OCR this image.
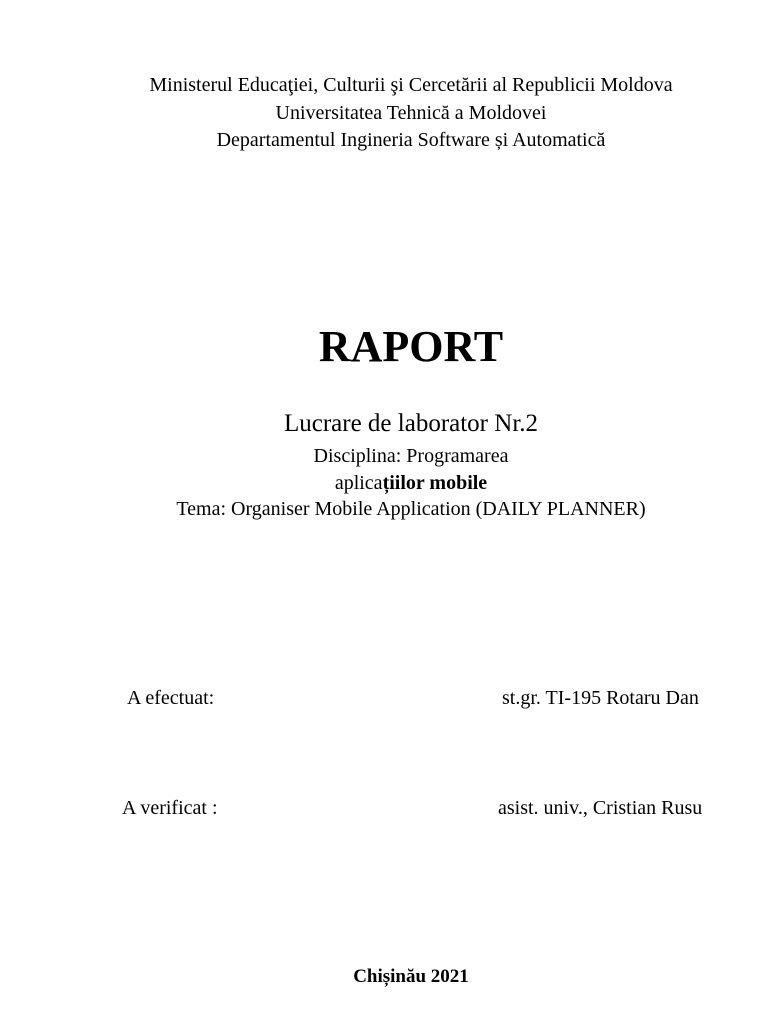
Ministerul Educaţiei, Culturii şi Cercetării al Republicii Moldova
Universitatea Tehnică a Moldovei
Departamentul Ingineria Software și Automatică
RAPORT
Lucrare de laborator Nr.2
Disciplina: Programarea
aplicațiilor mobile
Tema: Organiser Mobile Application (DAILY PLANNER)
A efectuat:	st.gr. TI-195 Rotaru Dan
A verificat :	asist. univ., Cristian Rusu
Chișinău 2021
